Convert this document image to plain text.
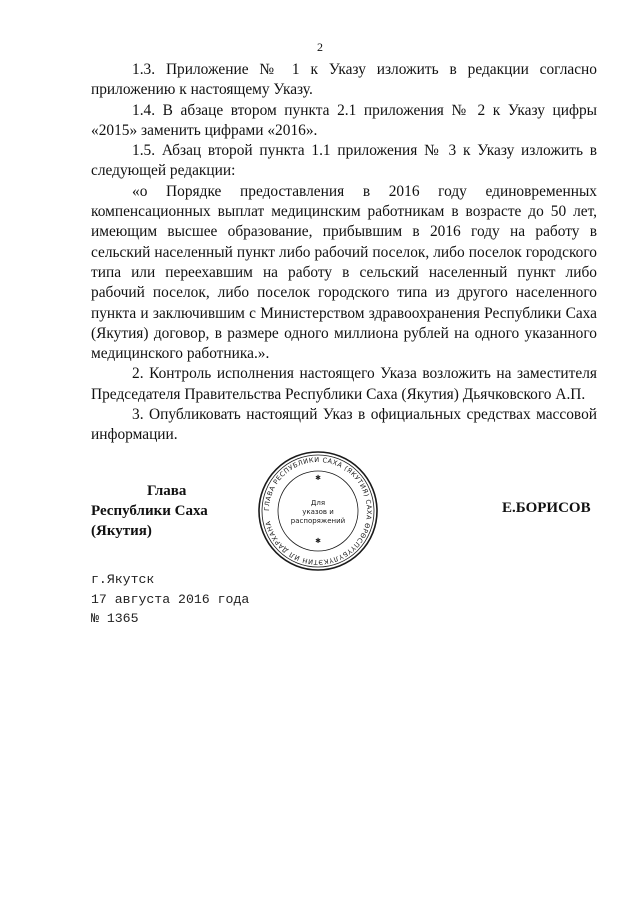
2

1.3. Приложение № 1 к Указу изложить в редакции согласно приложению к настоящему Указу.

1.4. В абзаце втором пункта 2.1 приложения № 2 к Указу цифры «2015» заменить цифрами «2016».

1.5. Абзац второй пункта 1.1 приложения № 3 к Указу изложить в следующей редакции:

«о Порядке предоставления в 2016 году единовременных компенсационных выплат медицинским работникам в возрасте до 50 лет, имеющим высшее образование, прибывшим в 2016 году на работу в сельский населенный пункт либо рабочий поселок, либо поселок городского типа или переехавшим на работу в сельский населенный пункт либо рабочий поселок, либо поселок городского типа из другого населенного пункта и заключившим с Министерством здравоохранения Республики Саха (Якутия) договор, в размере одного миллиона рублей на одного указанного медицинского работника.».

2. Контроль исполнения настоящего Указа возложить на заместителя Председателя Правительства Республики Саха (Якутия) Дьячковского А.П.

3. Опубликовать настоящий Указ в официальных средствах массовой информации.

Глава
Республики Саха (Якутия)
ГЛАВА РЕСПУБЛИКИ САХА (ЯКУТИЯ) САХА ӨРӨСПҮҮБҮЛҮКЭТИН ИЛ ДАРХАНА
Для
указов и
распоряжений
✱
✱
Е.БОРИСОВ
г.Якутск
17 августа 2016 года
№ 1365
